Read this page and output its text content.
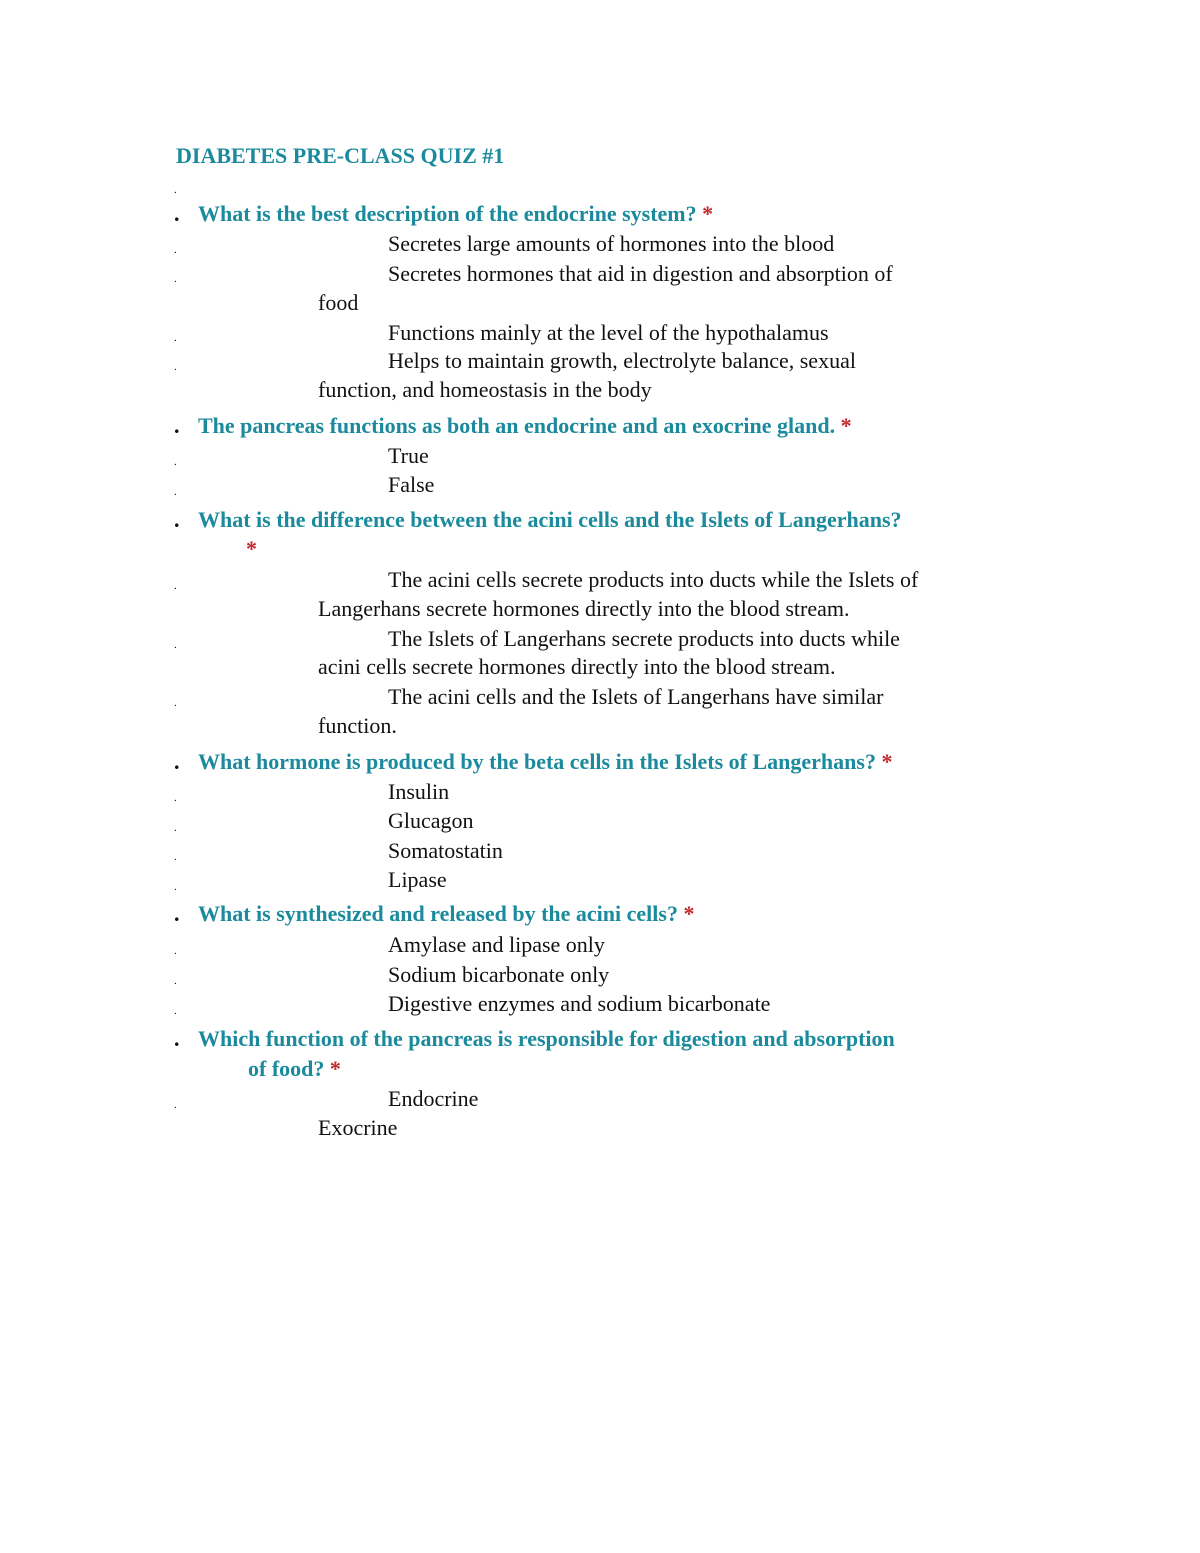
DIABETES PRE-CLASS QUIZ #1
.
. What is the best description of the endocrine system? *
.	Secretes large amounts of hormones into the blood
.	Secretes hormones that aid in digestion and absorption of
food
.	Functions mainly at the level of the hypothalamus
.	Helps to maintain growth, electrolyte balance, sexual
function, and homeostasis in the body
. The pancreas functions as both an endocrine and an exocrine gland. *
.	True
.	False
. What is the difference between the acini cells and the Islets of Langerhans?
*
.	The acini cells secrete products into ducts while the Islets of
Langerhans secrete hormones directly into the blood stream.
.	The Islets of Langerhans secrete products into ducts while
acini cells secrete hormones directly into the blood stream.
.	The acini cells and the Islets of Langerhans have similar
function.
. What hormone is produced by the beta cells in the Islets of Langerhans? *
.	Insulin
.	Glucagon
.	Somatostatin
.	Lipase
. What is synthesized and released by the acini cells? *
.	Amylase and lipase only
.	Sodium bicarbonate only
.	Digestive enzymes and sodium bicarbonate
. Which function of the pancreas is responsible for digestion and absorption
of food? *
.	Endocrine
Exocrine
